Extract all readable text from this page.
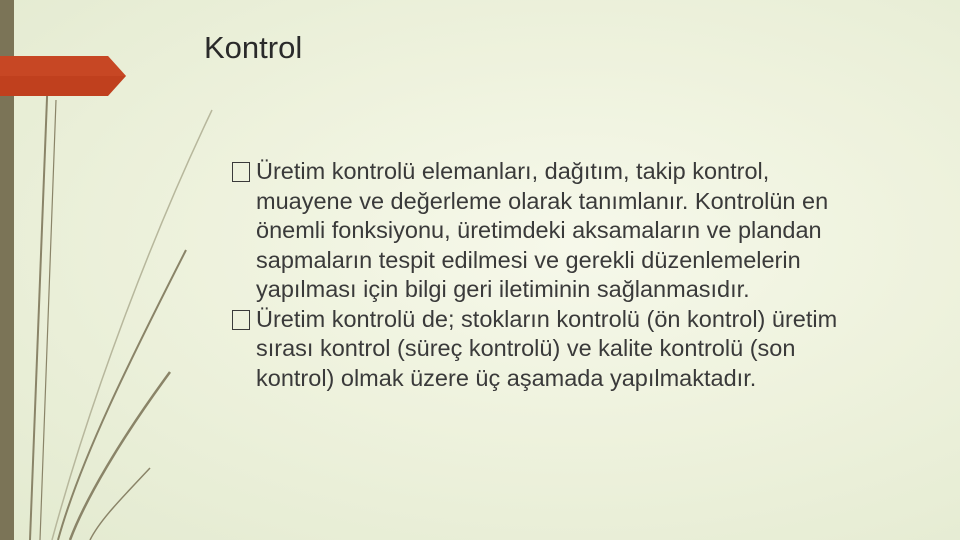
Kontrol
Üretim kontrolü elemanları, dağıtım, takip kontrol, muayene ve değerleme olarak tanımlanır. Kontrolün en önemli fonksiyonu, üretimdeki aksamaların ve plandan sapmaların tespit edilmesi ve gerekli düzenlemelerin yapılması için bilgi geri iletiminin sağlanmasıdır.
Üretim kontrolü de; stokların kontrolü (ön kontrol) üretim sırası kontrol (süreç kontrolü) ve kalite kontrolü (son kontrol) olmak üzere üç aşamada yapılmaktadır.
